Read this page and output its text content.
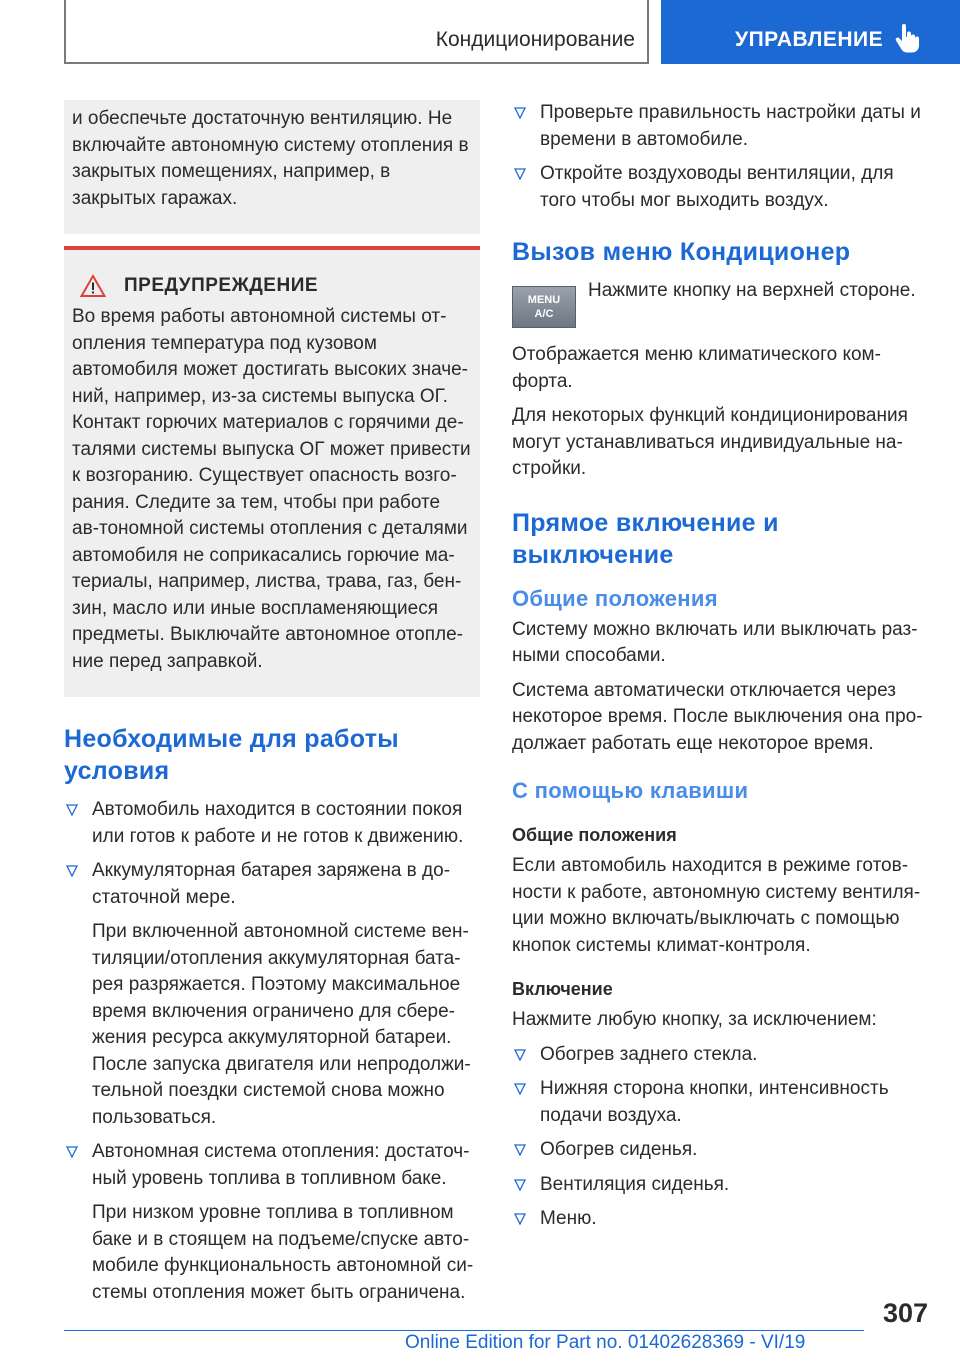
Кондиционирование	УПРАВЛЕНИЕ

и обеспечьте достаточную вентиляцию. Не включайте автономную систему отопления в закрытых помещениях, например, в закрытых гаражах.

ПРЕДУПРЕЖДЕНИЕ

Во время работы автономной системы от-опления температура под кузовом автомобиля может достигать высоких значе-ний, например, из-за системы выпуска ОГ. Контакт горючих материалов с горячими де-талями системы выпуска ОГ может привести к возгоранию. Существует опасность возго-рания. Следите за тем, чтобы при работе ав-тономной системы отопления с деталями автомобиля не соприкасались горючие ма-териалы, например, листва, трава, газ, бен-зин, масло или иные воспламеняющиеся предметы. Выключайте автономное отопле-ние перед заправкой.

Необходимые для работы условия

Автомобиль находится в состоянии покоя или готов к работе и не готов к движению.

Аккумуляторная батарея заряжена в до-статочной мере.

При включенной автономной системе вен-тиляции/отопления аккумуляторная бата-рея разряжается. Поэтому максимальное время включения ограничено для сбере-жения ресурса аккумуляторной батареи. После запуска двигателя или непродолжи-тельной поездки системой снова можно пользоваться.

Автономная система отопления: достаточ-ный уровень топлива в топливном баке.

При низком уровне топлива в топливном баке и в стоящем на подъеме/спуске авто-мобиле функциональность автономной си-стемы отопления может быть ограничена.

Проверьте правильность настройки даты и времени в автомобиле.

Откройте воздуховоды вентиляции, для того чтобы мог выходить воздух.

Вызов меню Кондиционер
MENU
A/C

Нажмите кнопку на верхней стороне.

Отображается меню климатического ком-форта.

Для некоторых функций кондиционирования могут устанавливаться индивидуальные на-стройки.

Прямое включение и выключение
Общие положения

Систему можно включать или выключать раз-ными способами.

Система автоматически отключается через некоторое время. После выключения она про-должает работать еще некоторое время.

С помощью клавиши
Общие положения

Если автомобиль находится в режиме готов-ности к работе, автономную систему вентиля-ции можно включать/выключать с помощью кнопок системы климат-контроля.

Включение

Нажмите любую кнопку, за исключением:

Обогрев заднего стекла.

Нижняя сторона кнопки, интенсивность подачи воздуха.

Обогрев сиденья.

Вентиляция сиденья.

Меню.

307
Online Edition for Part no. 01402628369 - VI/19
